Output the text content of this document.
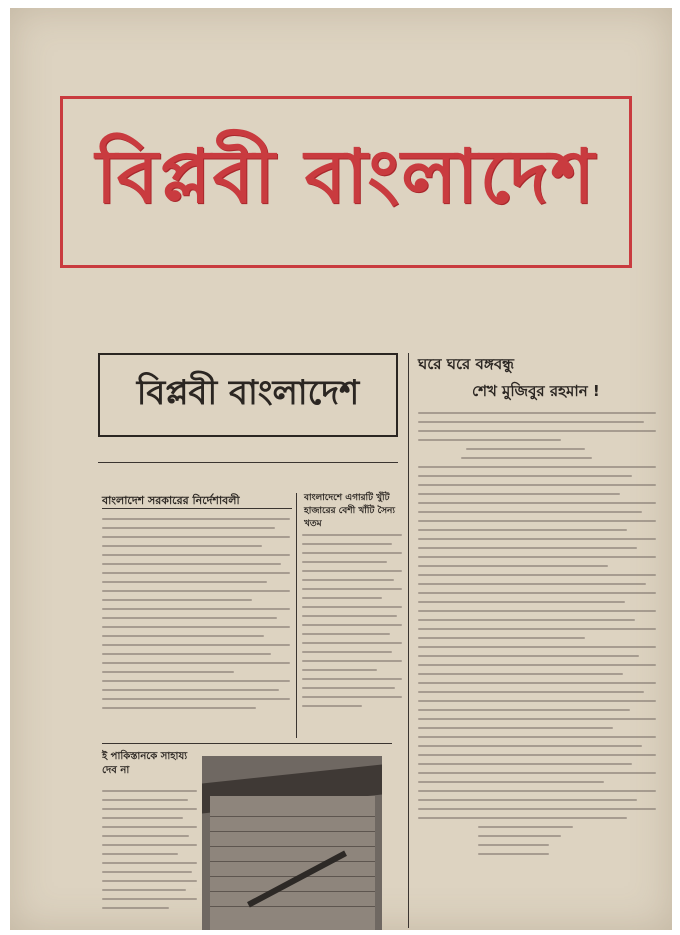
বিপ্লবী বাংলাদেশ
বিপ্লবী বাংলাদেশ
ঘরে ঘরে বঙ্গবন্ধু
শেখ মুজিবুর রহমান !
বাংলাদেশ সরকারের নির্দেশাবলী	বাংলাদেশে এগারটি খুঁটি হাজারের বেশী খাঁটি সৈন্য খতম
ই পাকিস্তানকে সাহায্য দেব না
